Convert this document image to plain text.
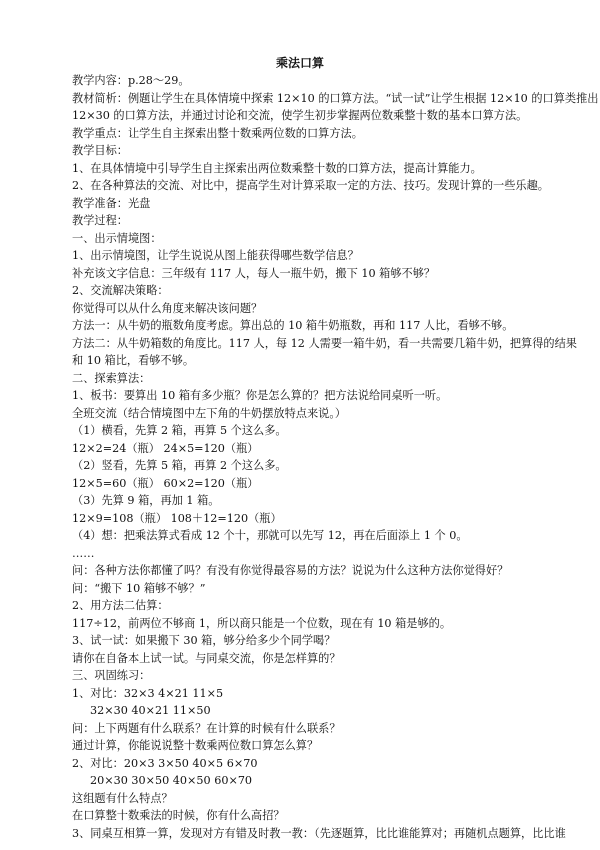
乘法口算
教学内容：p.28～29。
教材简析：例题让学生在具体情境中探索 12×10 的口算方法。“试一试”让学生根据 12×10 的口算类推出
12×30 的口算方法，并通过讨论和交流，使学生初步掌握两位数乘整十数的基本口算方法。
教学重点：让学生自主探索出整十数乘两位数的口算方法。
教学目标：
1、在具体情境中引导学生自主探索出两位数乘整十数的口算方法，提高计算能力。
2、在各种算法的交流、对比中，提高学生对计算采取一定的方法、技巧。发现计算的一些乐趣。
教学准备：光盘
教学过程：
一、出示情境图：
1、出示情境图，让学生说说从图上能获得哪些数学信息？
补充该文字信息：三年级有 117 人，每人一瓶牛奶，搬下 10 箱够不够？
2、交流解决策略：
你觉得可以从什么角度来解决该问题？
方法一：从牛奶的瓶数角度考虑。算出总的 10 箱牛奶瓶数，再和 117 人比，看够不够。
方法二：从牛奶箱数的角度比。117 人，每 12 人需要一箱牛奶，看一共需要几箱牛奶，把算得的结果
和 10 箱比，看够不够。
二、探索算法：
1、板书：要算出 10 箱有多少瓶？你是怎么算的？把方法说给同桌听一听。
全班交流（结合情境图中左下角的牛奶摆放特点来说。）
（1）横看，先算 2 箱，再算 5 个这么多。
12×2=24（瓶） 24×5=120（瓶）
（2）竖看，先算 5 箱，再算 2 个这么多。
12×5=60（瓶） 60×2=120（瓶）
（3）先算 9 箱，再加 1 箱。
12×9=108（瓶） 108＋12=120（瓶）
（4）想：把乘法算式看成 12 个十，那就可以先写 12，再在后面添上 1 个 0。
……
问：各种方法你都懂了吗？有没有你觉得最容易的方法？说说为什么这种方法你觉得好？
问：“搬下 10 箱够不够？”
2、用方法二估算：
117÷12，前两位不够商 1，所以商只能是一个位数，现在有 10 箱是够的。
3、试一试：如果搬下 30 箱，够分给多少个同学喝？
请你在自备本上试一试。与同桌交流，你是怎样算的？
三、巩固练习：
1、对比：32×3 4×21 11×5
32×30 40×21 11×50
问：上下两题有什么联系？在计算的时候有什么联系？
通过计算，你能说说整十数乘两位数口算怎么算？
2、对比：20×3 3×50 40×5 6×70
20×30 30×50 40×50 60×70
这组题有什么特点？
在口算整十数乘法的时候，你有什么高招？
3、同桌互相算一算，发现对方有错及时教一教：（先逐题算，比比谁能算对；再随机点题算，比比谁
